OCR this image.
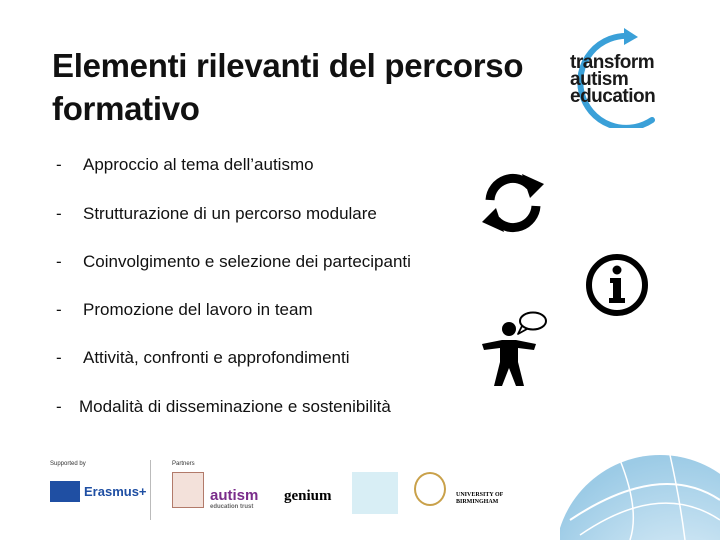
Elementi rilevanti del percorso
formativo
transform
autism
education
- Approccio al tema dell’autismo
- Strutturazione di un percorso modulare
- Coinvolgimento e selezione dei partecipanti
- Promozione del lavoro in team
- Attività, confronti e approfondimenti
- Modalità di disseminazione e sostenibilità
Supported by
Erasmus+
Partners
autism
education trust
genium	UNIVERSITY OF
BIRMINGHAM
